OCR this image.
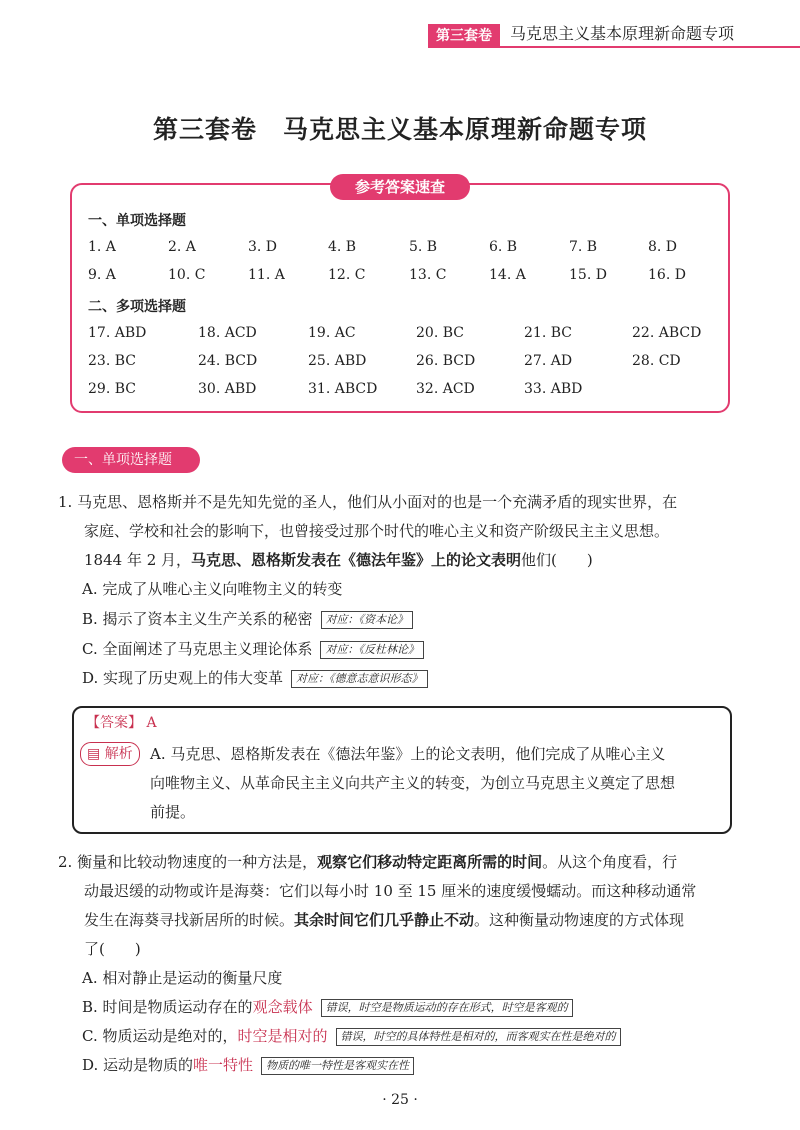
第三套卷	马克思主义基本原理新命题专项
第三套卷　马克思主义基本原理新命题专项
参考答案速查
一、单项选择题
1. A	2. A	3. D	4. B	5. B	6. B	7. B	8. D
9. A	10. C	11. A	12. C	13. C	14. A	15. D	16. D
二、多项选择题
17. ABD	18. ACD	19. AC	20. BC	21. BC	22. ABCD
23. BC	24. BCD	25. ABD	26. BCD	27. AD	28. CD
29. BC	30. ABD	31. ABCD	32. ACD	33. ABD
一、单项选择题

1. 马克思、恩格斯并不是先知先觉的圣人，他们从小面对的也是一个充满矛盾的现实世界，在

家庭、学校和社会的影响下，也曾接受过那个时代的唯心主义和资产阶级民主主义思想。

1844 年 2 月，马克思、恩格斯发表在《德法年鉴》上的论文表明他们(　　)

A. 完成了从唯心主义向唯物主义的转变
B. 揭示了资本主义生产关系的秘密 对应：《资本论》
C. 全面阐述了马克思主义理论体系 对应：《反杜林论》
D. 实现了历史观上的伟大变革 对应：《德意志意识形态》
【答案】 A
▤ 解析	A. 马克思、恩格斯发表在《德法年鉴》上的论文表明，他们完成了从唯心主义
向唯物主义、从革命民主主义向共产主义的转变，为创立马克思主义奠定了思想
前提。

2. 衡量和比较动物速度的一种方法是，观察它们移动特定距离所需的时间。从这个角度看，行

动最迟缓的动物或许是海葵：它们以每小时 10 至 15 厘米的速度缓慢蠕动。而这种移动通常

发生在海葵寻找新居所的时候。其余时间它们几乎静止不动。这种衡量动物速度的方式体现

了(　　)

A. 相对静止是运动的衡量尺度
B. 时间是物质运动存在的观念载体 错误，时空是物质运动的存在形式，时空是客观的
C. 物质运动是绝对的，时空是相对的 错误，时空的具体特性是相对的，而客观实在性是绝对的
D. 运动是物质的唯一特性 物质的唯一特性是客观实在性
· 25 ·
